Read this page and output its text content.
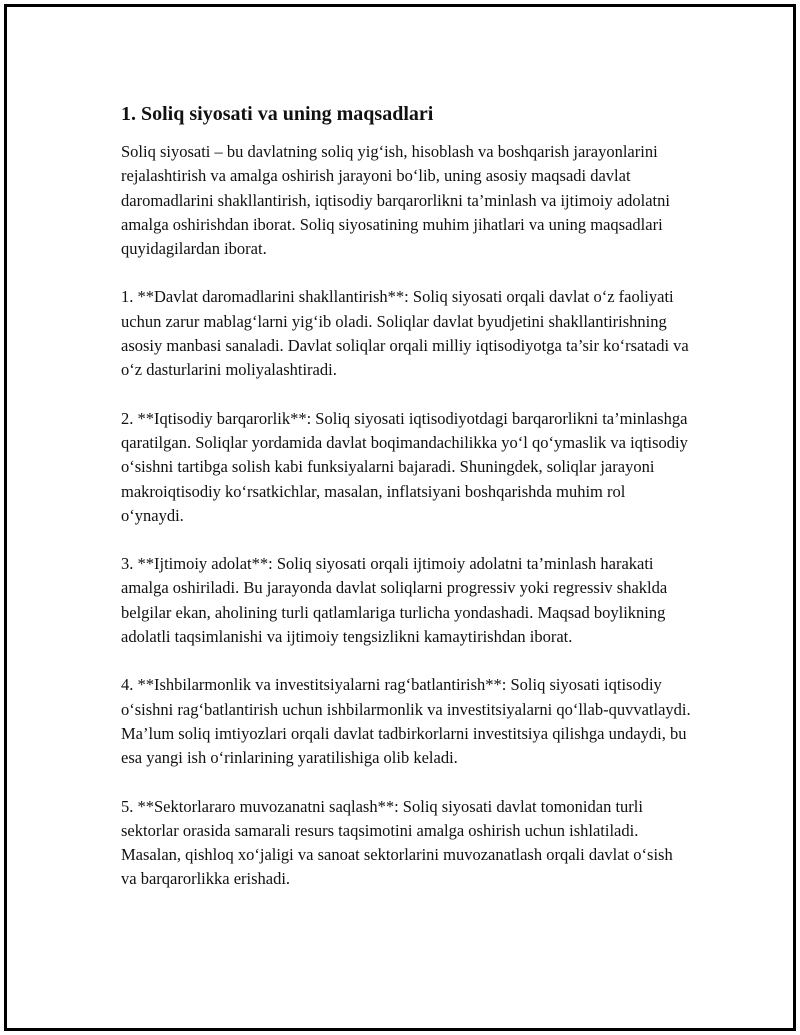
1. Soliq siyosati va uning maqsadlari

Soliq siyosati – bu davlatning soliq yig‘ish, hisoblash va boshqarish jarayonlarini rejalashtirish va amalga oshirish jarayoni bo‘lib, uning asosiy maqsadi davlat daromadlarini shakllantirish, iqtisodiy barqarorlikni ta’minlash va ijtimoiy adolatni amalga oshirishdan iborat. Soliq siyosatining muhim jihatlari va uning maqsadlari quyidagilardan iborat.

1. **Davlat daromadlarini shakllantirish**: Soliq siyosati orqali davlat o‘z faoliyati uchun zarur mablag‘larni yig‘ib oladi. Soliqlar davlat byudjetini shakllantirishning asosiy manbasi sanaladi. Davlat soliqlar orqali milliy iqtisodiyotga ta’sir ko‘rsatadi va o‘z dasturlarini moliyalashtiradi.

2. **Iqtisodiy barqarorlik**: Soliq siyosati iqtisodiyotdagi barqarorlikni ta’minlashga qaratilgan. Soliqlar yordamida davlat boqimandachilikka yo‘l qo‘ymaslik va iqtisodiy o‘sishni tartibga solish kabi funksiyalarni bajaradi. Shuningdek, soliqlar jarayoni makroiqtisodiy ko‘rsatkichlar, masalan, inflatsiyani boshqarishda muhim rol o‘ynaydi.

3. **Ijtimoiy adolat**: Soliq siyosati orqali ijtimoiy adolatni ta’minlash harakati amalga oshiriladi. Bu jarayonda davlat soliqlarni progressiv yoki regressiv shaklda belgilar ekan, aholining turli qatlamlariga turlicha yondashadi. Maqsad boylikning adolatli taqsimlanishi va ijtimoiy tengsizlikni kamaytirishdan iborat.

4. **Ishbilarmonlik va investitsiyalarni rag‘batlantirish**: Soliq siyosati iqtisodiy o‘sishni rag‘batlantirish uchun ishbilarmonlik va investitsiyalarni qo‘llab-quvvatlaydi. Ma’lum soliq imtiyozlari orqali davlat tadbirkorlarni investitsiya qilishga undaydi, bu esa yangi ish o‘rinlarining yaratilishiga olib keladi.

5. **Sektorlararo muvozanatni saqlash**: Soliq siyosati davlat tomonidan turli sektorlar orasida samarali resurs taqsimotini amalga oshirish uchun ishlatiladi. Masalan, qishloq xo‘jaligi va sanoat sektorlarini muvozanatlash orqali davlat o‘sish va barqarorlikka erishadi.
